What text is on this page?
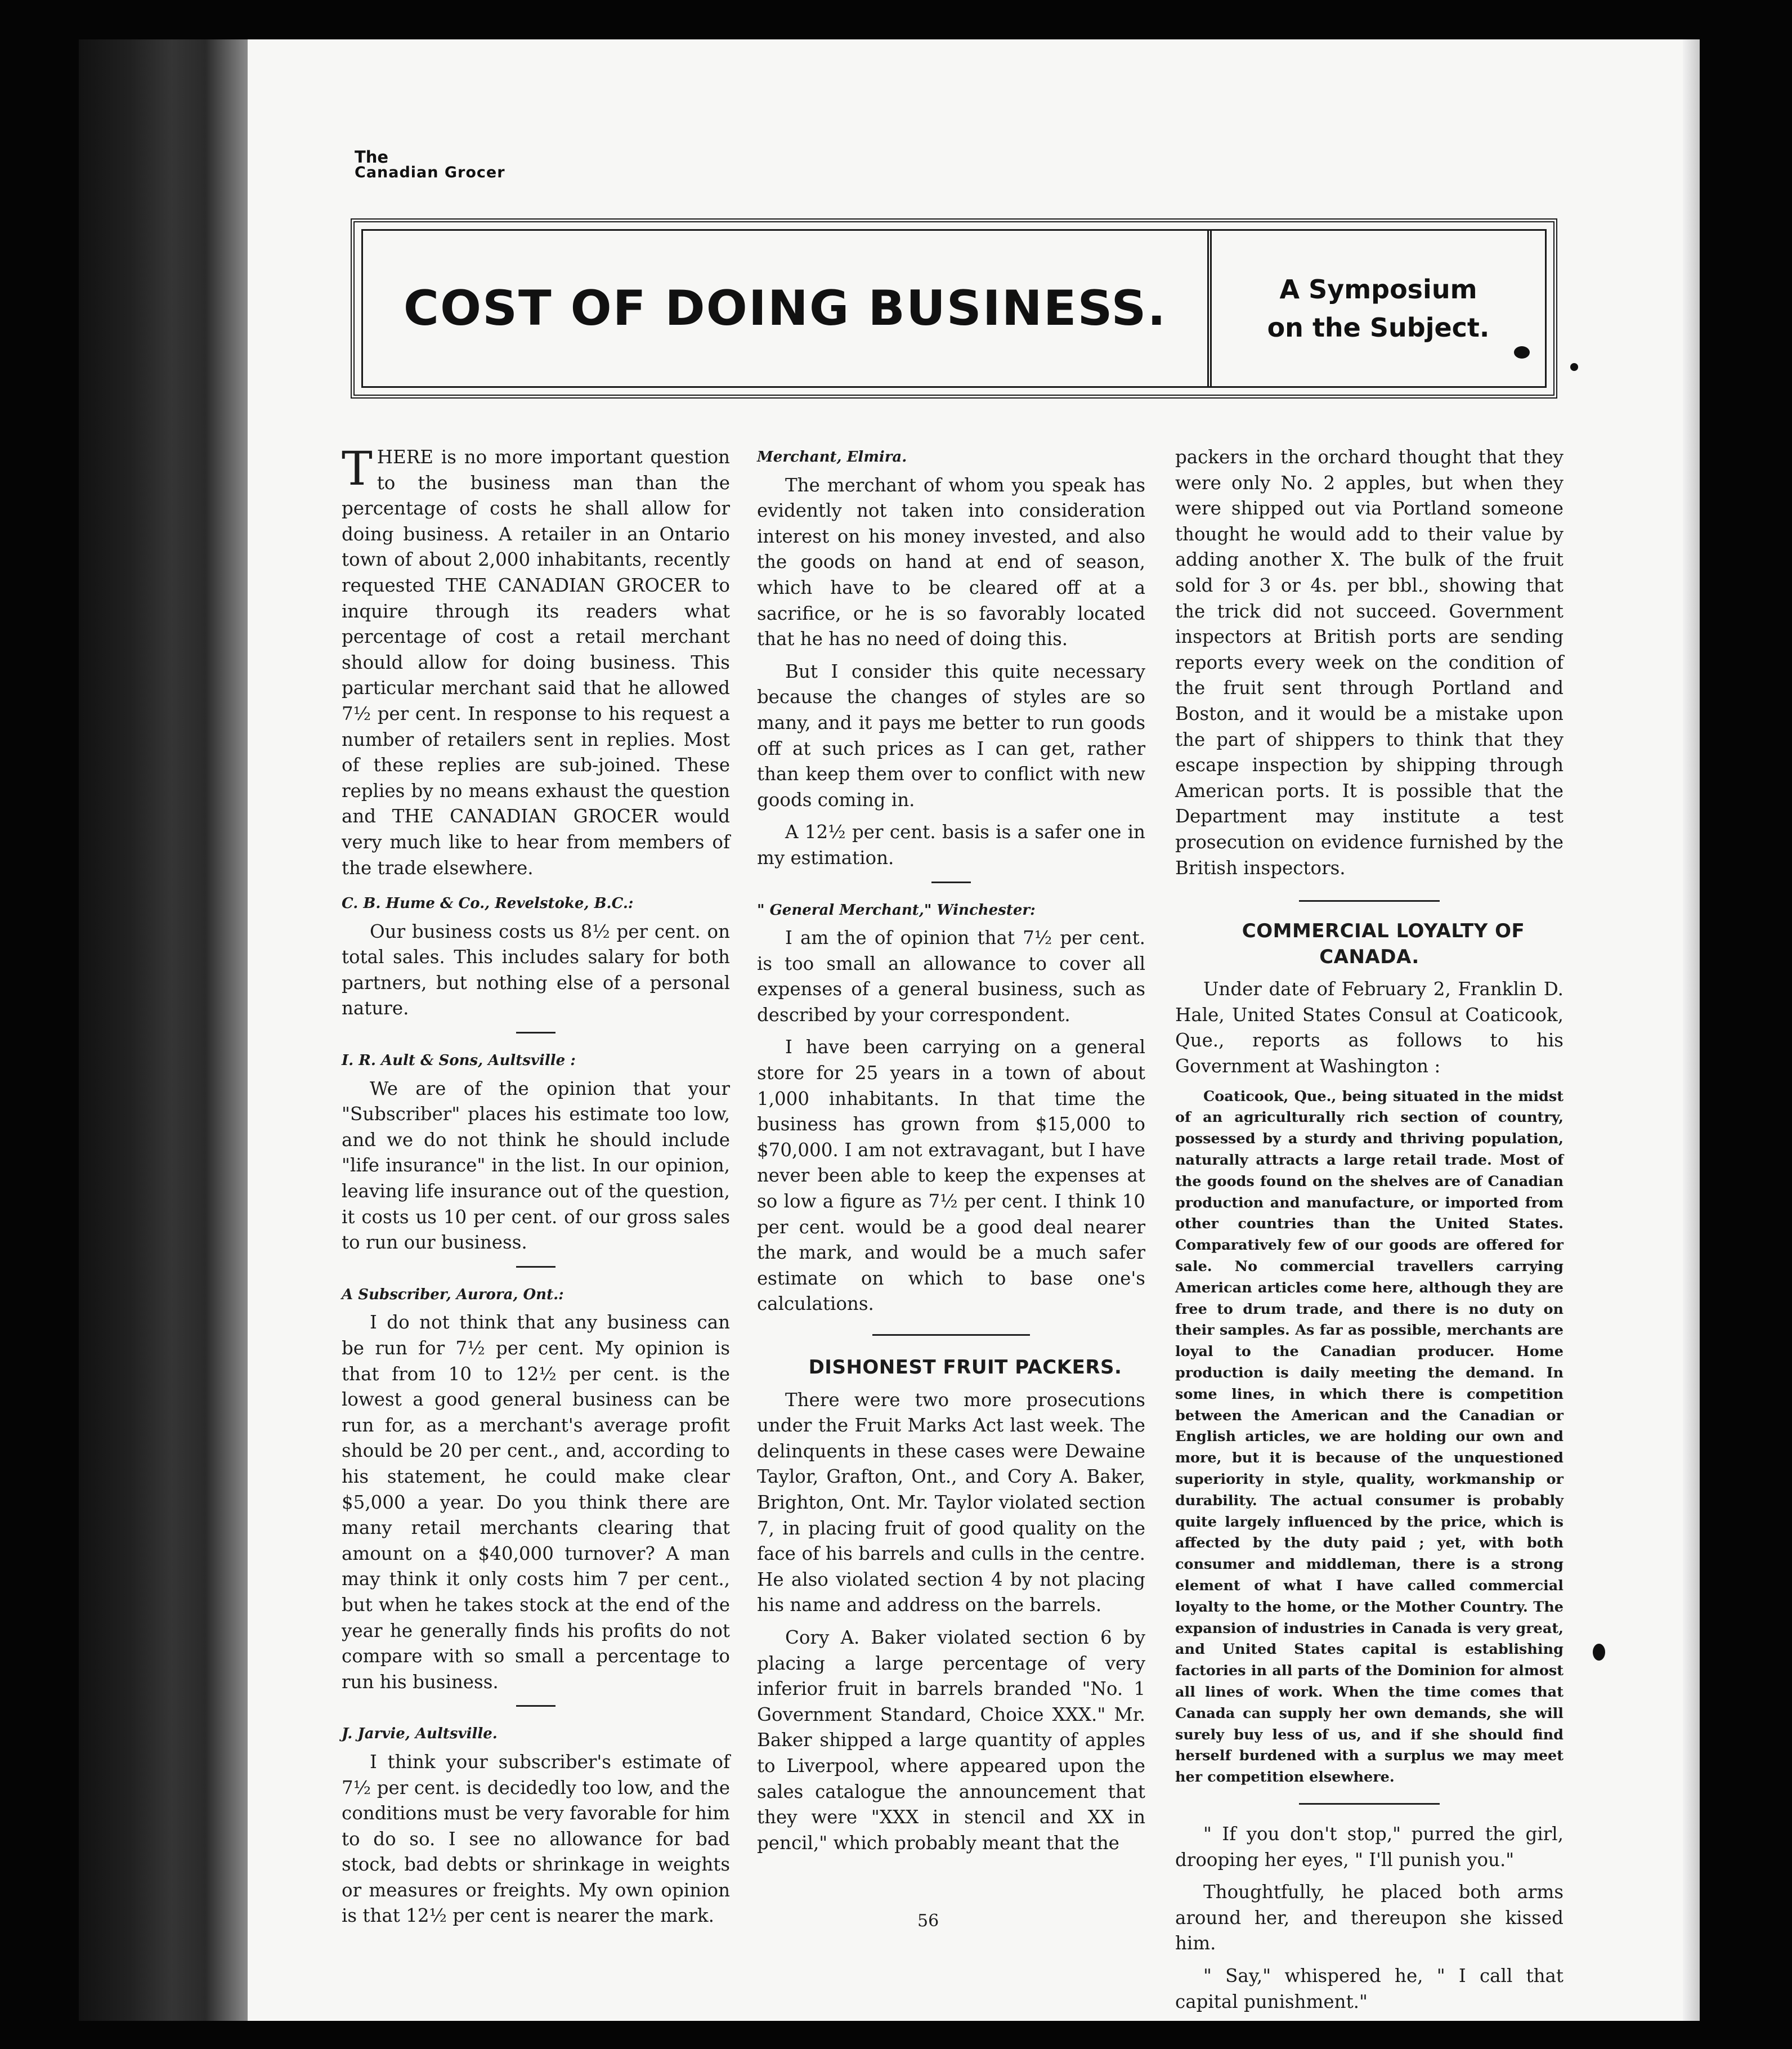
The
Canadian Grocer
COST OF DOING BUSINESS.	A Symposium
on the Subject.

THERE is no more important question to the business man than the percentage of costs he shall allow for doing business. A retailer in an Ontario town of about 2,000 inhabitants, recently requested THE CANADIAN GROCER to inquire through its readers what percentage of cost a retail merchant should allow for doing business. This particular merchant said that he allowed 7½ per cent. In response to his request a number of retailers sent in replies. Most of these replies are sub-joined. These replies by no means exhaust the question and THE CANADIAN GROCER would very much like to hear from members of the trade elsewhere.

C. B. Hume & Co., Revelstoke, B.C.:

Our business costs us 8½ per cent. on total sales. This includes salary for both partners, but nothing else of a personal nature.

I. R. Ault & Sons, Aultsville :

We are of the opinion that your "Subscriber" places his estimate too low, and we do not think he should include "life insurance" in the list. In our opinion, leaving life insurance out of the question, it costs us 10 per cent. of our gross sales to run our business.

A Subscriber, Aurora, Ont.:

I do not think that any business can be run for 7½ per cent. My opinion is that from 10 to 12½ per cent. is the lowest a good general business can be run for, as a merchant's average profit should be 20 per cent., and, according to his statement, he could make clear $5,000 a year. Do you think there are many retail merchants clearing that amount on a $40,000 turnover? A man may think it only costs him 7 per cent., but when he takes stock at the end of the year he generally finds his profits do not compare with so small a percentage to run his business.

J. Jarvie, Aultsville.

I think your subscriber's estimate of 7½ per cent. is decidedly too low, and the conditions must be very favorable for him to do so. I see no allowance for bad stock, bad debts or shrinkage in weights or measures or freights. My own opinion is that 12½ per cent is nearer the mark.

Merchant, Elmira.

The merchant of whom you speak has evidently not taken into consideration interest on his money invested, and also the goods on hand at end of season, which have to be cleared off at a sacrifice, or he is so favorably located that he has no need of doing this.

But I consider this quite necessary because the changes of styles are so many, and it pays me better to run goods off at such prices as I can get, rather than keep them over to conflict with new goods coming in.

A 12½ per cent. basis is a safer one in my estimation.

" General Merchant," Winchester:

I am the of opinion that 7½ per cent. is too small an allowance to cover all expenses of a general business, such as described by your correspondent.

I have been carrying on a general store for 25 years in a town of about 1,000 inhabitants. In that time the business has grown from $15,000 to $70,000. I am not extravagant, but I have never been able to keep the expenses at so low a figure as 7½ per cent. I think 10 per cent. would be a good deal nearer the mark, and would be a much safer estimate on which to base one's calculations.

DISHONEST FRUIT PACKERS.

There were two more prosecutions under the Fruit Marks Act last week. The delinquents in these cases were Dewaine Taylor, Grafton, Ont., and Cory A. Baker, Brighton, Ont. Mr. Taylor violated section 7, in placing fruit of good quality on the face of his barrels and culls in the centre. He also violated section 4 by not placing his name and address on the barrels.

Cory A. Baker violated section 6 by placing a large percentage of very inferior fruit in barrels branded "No. 1 Government Standard, Choice XXX." Mr. Baker shipped a large quantity of apples to Liverpool, where appeared upon the sales catalogue the announcement that they were "XXX in stencil and XX in pencil," which probably meant that the

packers in the orchard thought that they were only No. 2 apples, but when they were shipped out via Portland someone thought he would add to their value by adding another X. The bulk of the fruit sold for 3 or 4s. per bbl., showing that the trick did not succeed. Government inspectors at British ports are sending reports every week on the condition of the fruit sent through Portland and Boston, and it would be a mistake upon the part of shippers to think that they escape inspection by shipping through American ports. It is possible that the Department may institute a test prosecution on evidence furnished by the British inspectors.

COMMERCIAL LOYALTY OF CANADA.

Under date of February 2, Franklin D. Hale, United States Consul at Coaticook, Que., reports as follows to his Government at Washington :

Coaticook, Que., being situated in the midst of an agriculturally rich section of country, possessed by a sturdy and thriving population, naturally attracts a large retail trade. Most of the goods found on the shelves are of Canadian production and manufacture, or imported from other countries than the United States. Comparatively few of our goods are offered for sale. No commercial travellers carrying American articles come here, although they are free to drum trade, and there is no duty on their samples. As far as possible, merchants are loyal to the Canadian producer. Home production is daily meeting the demand. In some lines, in which there is competition between the American and the Canadian or English articles, we are holding our own and more, but it is because of the unquestioned superiority in style, quality, workmanship or durability. The actual consumer is probably quite largely influenced by the price, which is affected by the duty paid ; yet, with both consumer and middleman, there is a strong element of what I have called commercial loyalty to the home, or the Mother Country. The expansion of industries in Canada is very great, and United States capital is establishing factories in all parts of the Dominion for almost all lines of work. When the time comes that Canada can supply her own demands, she will surely buy less of us, and if she should find herself burdened with a surplus we may meet her competition elsewhere.

" If you don't stop," purred the girl, drooping her eyes, " I'll punish you."

Thoughtfully, he placed both arms around her, and thereupon she kissed him.

" Say," whispered he, " I call that capital punishment."

56
